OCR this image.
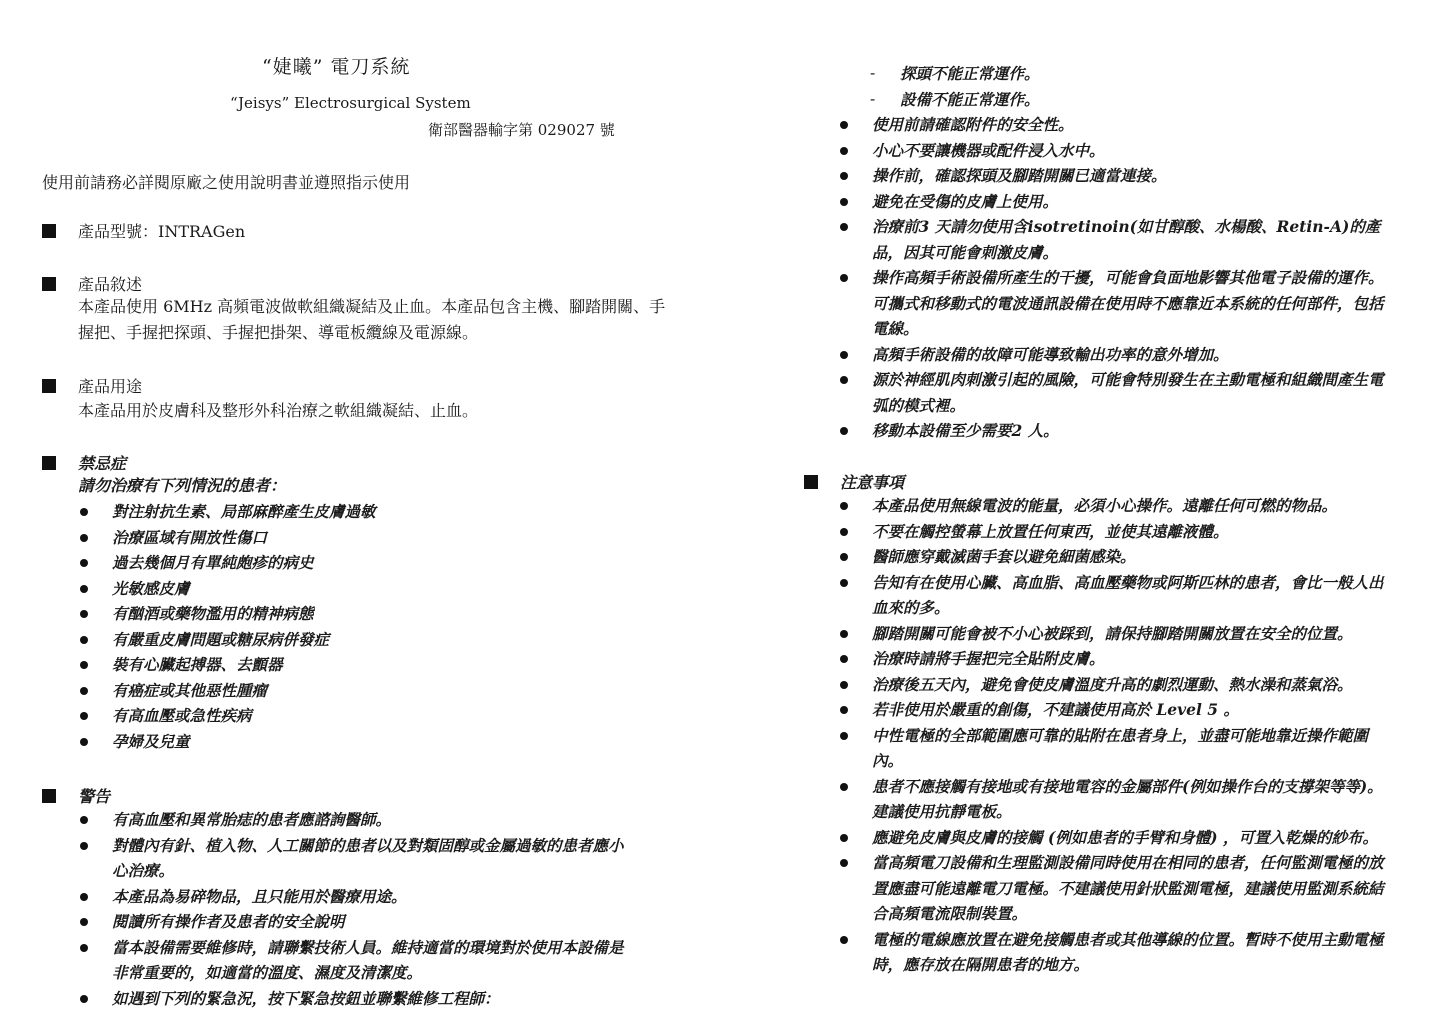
“婕曦” 電刀系統
“Jeisys” Electrosurgical System
衛部醫器輸字第 029027 號
使用前請務必詳閱原廠之使用說明書並遵照指示使用
產品型號：INTRAGen
產品敘述
本產品使用 6MHz 高頻電波做軟組織凝結及止血。本產品包含主機、腳踏開關、手握把、手握把探頭、手握把掛架、導電板纜線及電源線。
產品用途
本產品用於皮膚科及整形外科治療之軟組織凝結、止血。
禁忌症
請勿治療有下列情況的患者：
對注射抗生素、局部麻醉產生皮膚過敏
治療區域有開放性傷口
過去幾個月有單純皰疹的病史
光敏感皮膚
有酗酒或藥物濫用的精神病態
有嚴重皮膚問題或糖尿病併發症
裝有心臟起搏器、去顫器
有癌症或其他惡性腫瘤
有高血壓或急性疾病
孕婦及兒童
警告
有高血壓和異常胎痣的患者應諮詢醫師。
對體內有針、植入物、人工關節的患者以及對類固醇或金屬過敏的患者應小心治療。
本產品為易碎物品，且只能用於醫療用途。
閱讀所有操作者及患者的安全說明
當本設備需要維修時，請聯繫技術人員。維持適當的環境對於使用本設備是非常重要的，如適當的溫度、濕度及清潔度。
如遇到下列的緊急況，按下緊急按鈕並聯繫維修工程師：
- 探頭不能正常運作。
- 設備不能正常運作。
使用前請確認附件的安全性。
小心不要讓機器或配件浸入水中。
操作前，確認探頭及腳踏開關已適當連接。
避免在受傷的皮膚上使用。
治療前3 天請勿使用含isotretinoin(如甘醇酸、水楊酸、Retin-A)的產品，因其可能會刺激皮膚。
操作高頻手術設備所產生的干擾，可能會負面地影響其他電子設備的運作。可攜式和移動式的電波通訊設備在使用時不應靠近本系統的任何部件，包括電線。
高頻手術設備的故障可能導致輸出功率的意外增加。
源於神經肌肉刺激引起的風險，可能會特別發生在主動電極和組織間產生電弧的模式裡。
移動本設備至少需要2 人。
注意事項
本產品使用無線電波的能量，必須小心操作。遠離任何可燃的物品。
不要在觸控螢幕上放置任何東西，並使其遠離液體。
醫師應穿戴滅菌手套以避免細菌感染。
告知有在使用心臟、高血脂、高血壓藥物或阿斯匹林的患者，會比一般人出血來的多。
腳踏開關可能會被不小心被踩到，請保持腳踏開關放置在安全的位置。
治療時請將手握把完全貼附皮膚。
治療後五天內，避免會使皮膚溫度升高的劇烈運動、熱水澡和蒸氣浴。
若非使用於嚴重的創傷，不建議使用高於 Level 5 。
中性電極的全部範圍應可靠的貼附在患者身上，並盡可能地靠近操作範圍內。
患者不應接觸有接地或有接地電容的金屬部件(例如操作台的支撐架等等)。建議使用抗靜電板。
應避免皮膚與皮膚的接觸 (例如患者的手臂和身體) ，可置入乾燥的紗布。
當高頻電刀設備和生理監測設備同時使用在相同的患者，任何監測電極的放置應盡可能遠離電刀電極。不建議使用針狀監測電極，建議使用監測系統結合高頻電流限制裝置。
電極的電線應放置在避免接觸患者或其他導線的位置。暫時不使用主動電極時，應存放在隔開患者的地方。
